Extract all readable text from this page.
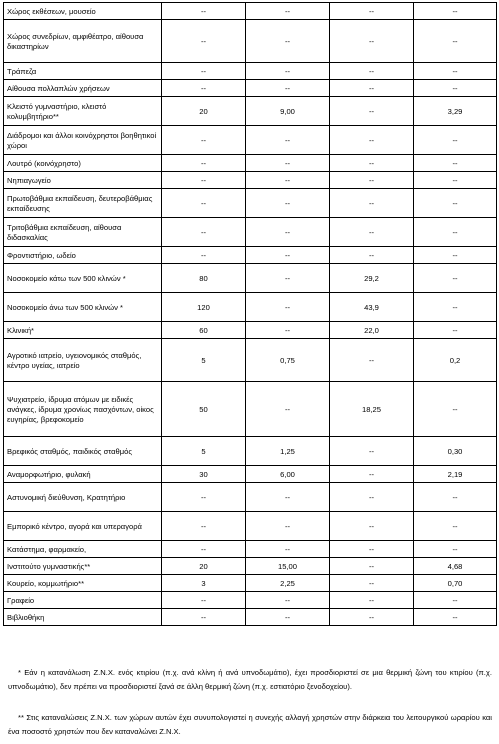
Χώρος εκθέσεων, μουσείο	--	--	--	--
Χώρος συνεδρίων, αμφιθέατρο, αίθουσα δικαστηρίων	--	--	--	--
Τράπεζα	--	--	--	--
Αίθουσα πολλαπλών χρήσεων	--	--	--	--
Κλειστό γυμναστήριο, κλειστό κολυμβητήριο**	20	9,00	--	3,29
Διάδρομοι και άλλοι κοινόχρηστοι βοηθητικοί χώροι	--	--	--	--
Λουτρό (κοινόχρηστο)	--	--	--	--
Νηπιαγωγείο	--	--	--	--
Πρωτοβάθμια εκπαίδευση, δευτεροβάθμιας εκπαίδευσης	--	--	--	--
Τριτοβάθμια εκπαίδευση, αίθουσα διδασκαλίας	--	--	--	--
Φροντιστήριο, ωδείο	--	--	--	--
Νοσοκομείο κάτω των 500 κλινών *	80	--	29,2	--
Νοσοκομείο άνω των 500 κλινών *	120	--	43,9	--
Κλινική*	60	--	22,0	--
Αγροτικό ιατρείο, υγειονομικός σταθμός, κέντρο υγείας, ιατρείο	5	0,75	--	0,2
Ψυχιατρείο, ίδρυμα ατόμων με ειδικές ανάγκες, ίδρυμα χρονίως πασχόντων, οίκος ευγηρίας, βρεφοκομείο	50	--	18,25	--
Βρεφικός σταθμός, παιδικός σταθμός	5	1,25	--	0,30
Αναμορφωτήριο, φυλακή	30	6,00	--	2,19
Αστυνομική διεύθυνση, Κρατητήριο	--	--	--	--
Εμπορικό κέντρο, αγορά και υπεραγορά	--	--	--	--
Κατάστημα, φαρμακείο,	--	--	--	--
Ινστιτούτο γυμναστικής**	20	15,00	--	4,68
Κουρείο, κομμωτήριο**	3	2,25	--	0,70
Γραφείο	--	--	--	--
Βιβλιοθήκη	--	--	--	--
* Εάν η κατανάλωση Ζ.Ν.Χ. ενός κτιρίου (π.χ. ανά κλίνη ή ανά υπνοδωμάτιο), έχει προσδιοριστεί σε μια θερμική ζώνη του κτιρίου (π.χ. υπνοδωμάτιο), δεν πρέπει να προσδιοριστεί ξανά σε άλλη θερμική ζώνη (π.χ. εστιατόριο ξενοδοχείου).
** Στις καταναλώσεις Ζ.Ν.Χ. των χώρων αυτών έχει συνυπολογιστεί η συνεχής αλλαγή χρηστών στην διάρκεια του λειτουργικού ωραρίου και ένα ποσοστό χρηστών που δεν καταναλώνει Ζ.Ν.Χ.
